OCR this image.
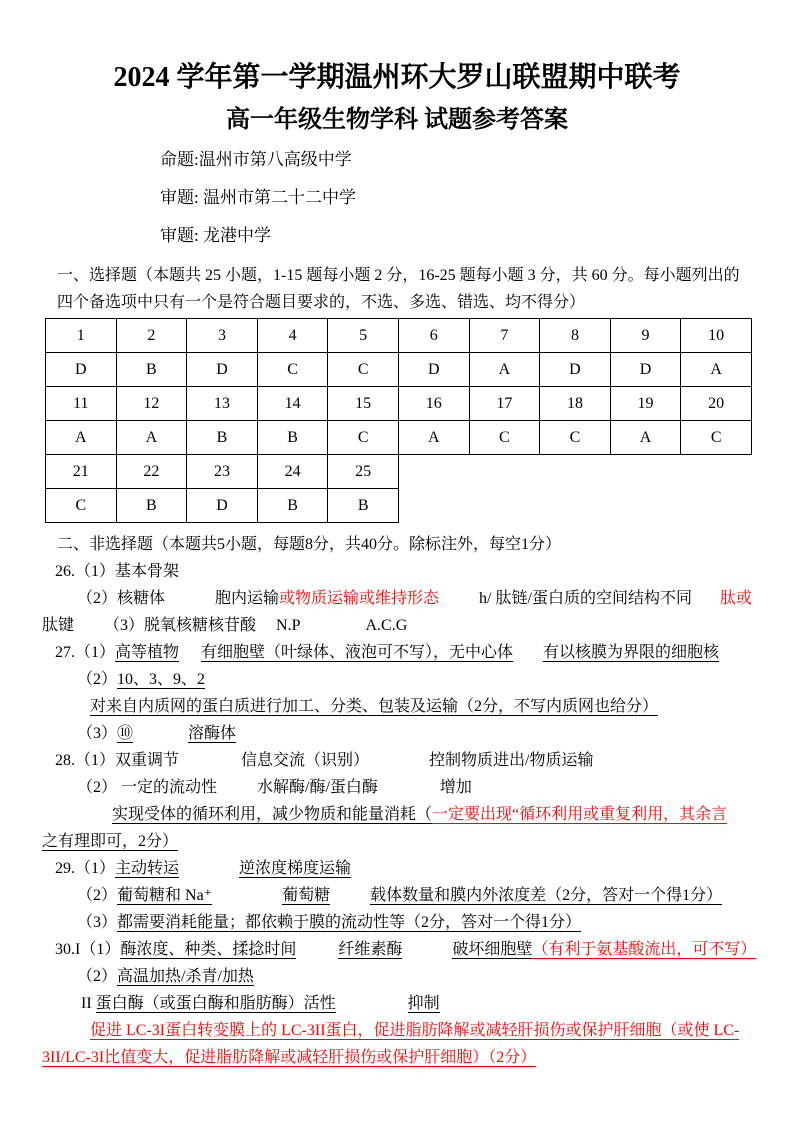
2024 学年第一学期温州环大罗山联盟期中联考
高一年级生物学科 试题参考答案
命题:温州市第八高级中学
审题: 温州市第二十二中学
审题: 龙港中学
一、选择题（本题共 25 小题，1-15 题每小题 2 分，16-25 题每小题 3 分，共 60 分。每小题列出的
四个备选项中只有一个是符合题目要求的，不选、多选、错选、均不得分）
1	2	3	4	5	6	7	8	9	10
D	B	D	C	C	D	A	D	D	A
11	12	13	14	15	16	17	18	19	20
A	A	B	B	C	A	C	C	A	C
21	22	23	24	25					
C	B	D	B	B					
二、非选择题（本题共5小题，每题8分，共40分。除标注外，每空1分）
26.（1）基本骨架
（2）核糖体	胞内运输或物质运输或维持形态	h/ 肽链/蛋白质的空间结构不同 肽或
肽键 （3）脱氧核糖核苷酸 N.P	A.C.G
27.（1）高等植物 有细胞壁（叶绿体、液泡可不写），无中心体 有以核膜为界限的细胞核
（2）10、3、9、2
对来自内质网的蛋白质进行加工、分类、包装及运输（2分，不写内质网也给分）
（3）⑩	溶酶体
28.（1）双重调节	信息交流（识别）	控制物质进出/物质运输
（2） 一定的流动性	水解酶/酶/蛋白酶	增加
实现受体的循环利用，减少物质和能量消耗（一定要出现“循环利用或重复利用，其余言
之有理即可，2分）
29.（1）主动转运	逆浓度梯度运输
（2）葡萄糖和 Na⁺	葡萄糖	载体数量和膜内外浓度差（2分，答对一个得1分）
（3）都需要消耗能量；都依赖于膜的流动性等（2分，答对一个得1分）
30.I（1）酶浓度、种类、揉捻时间	纤维素酶	破坏细胞壁（有利于氨基酸流出，可不写）
（2）高温加热/杀青/加热
II 蛋白酶（或蛋白酶和脂肪酶）活性	抑制
促进 LC-3I蛋白转变膜上的 LC-3II蛋白，促进脂肪降解或减轻肝损伤或保护肝细胞（或使 LC-
3II/LC-3I比值变大，促进脂肪降解或减轻肝损伤或保护肝细胞）（2分）
